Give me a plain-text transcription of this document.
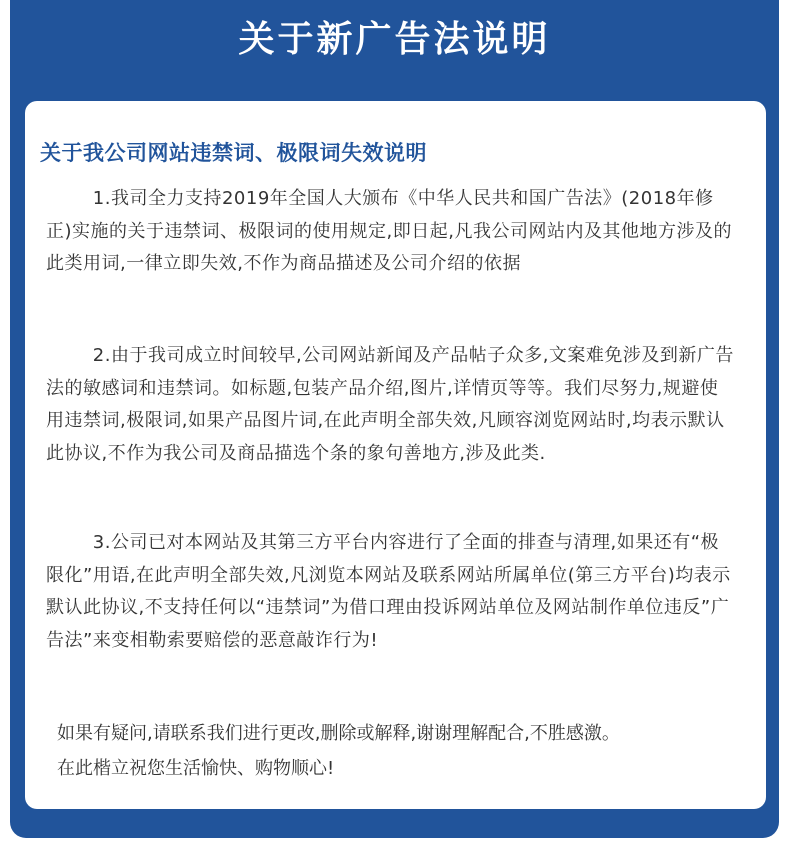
关于新广告法说明
关于我公司网站违禁词、极限词失效说明

1.我司全力支持2019年全国人大颁布《中华人民共和国广告法》(2018年修正)实施的关于违禁词、极限词的使用规定,即日起,凡我公司网站内及其他地方涉及的此类用词,一律立即失效,不作为商品描述及公司介绍的依据

2.由于我司成立时间较早,公司网站新闻及产品帖子众多,文案难免涉及到新广告法的敏感词和违禁词。如标题,包装产品介绍,图片,详情页等等。我们尽努力,规避使用违禁词,极限词,如果产品图片词,在此声明全部失效,凡顾容浏览网站时,均表示默认此协议,不作为我公司及商品描选个条的象句善地方,涉及此类.

3.公司已对本网站及其第三方平台内容进行了全面的排查与清理,如果还有“极限化”用语,在此声明全部失效,凡浏览本网站及联系网站所属单位(第三方平台)均表示默认此协议,不支持任何以“违禁词”为借口理由投诉网站单位及网站制作单位违反”广告法”来变相勒索要赔偿的恶意敲诈行为!

如果有疑问,请联系我们进行更改,删除或解释,谢谢理解配合,不胜感激。

在此楷立祝您生活愉快、购物顺心!
